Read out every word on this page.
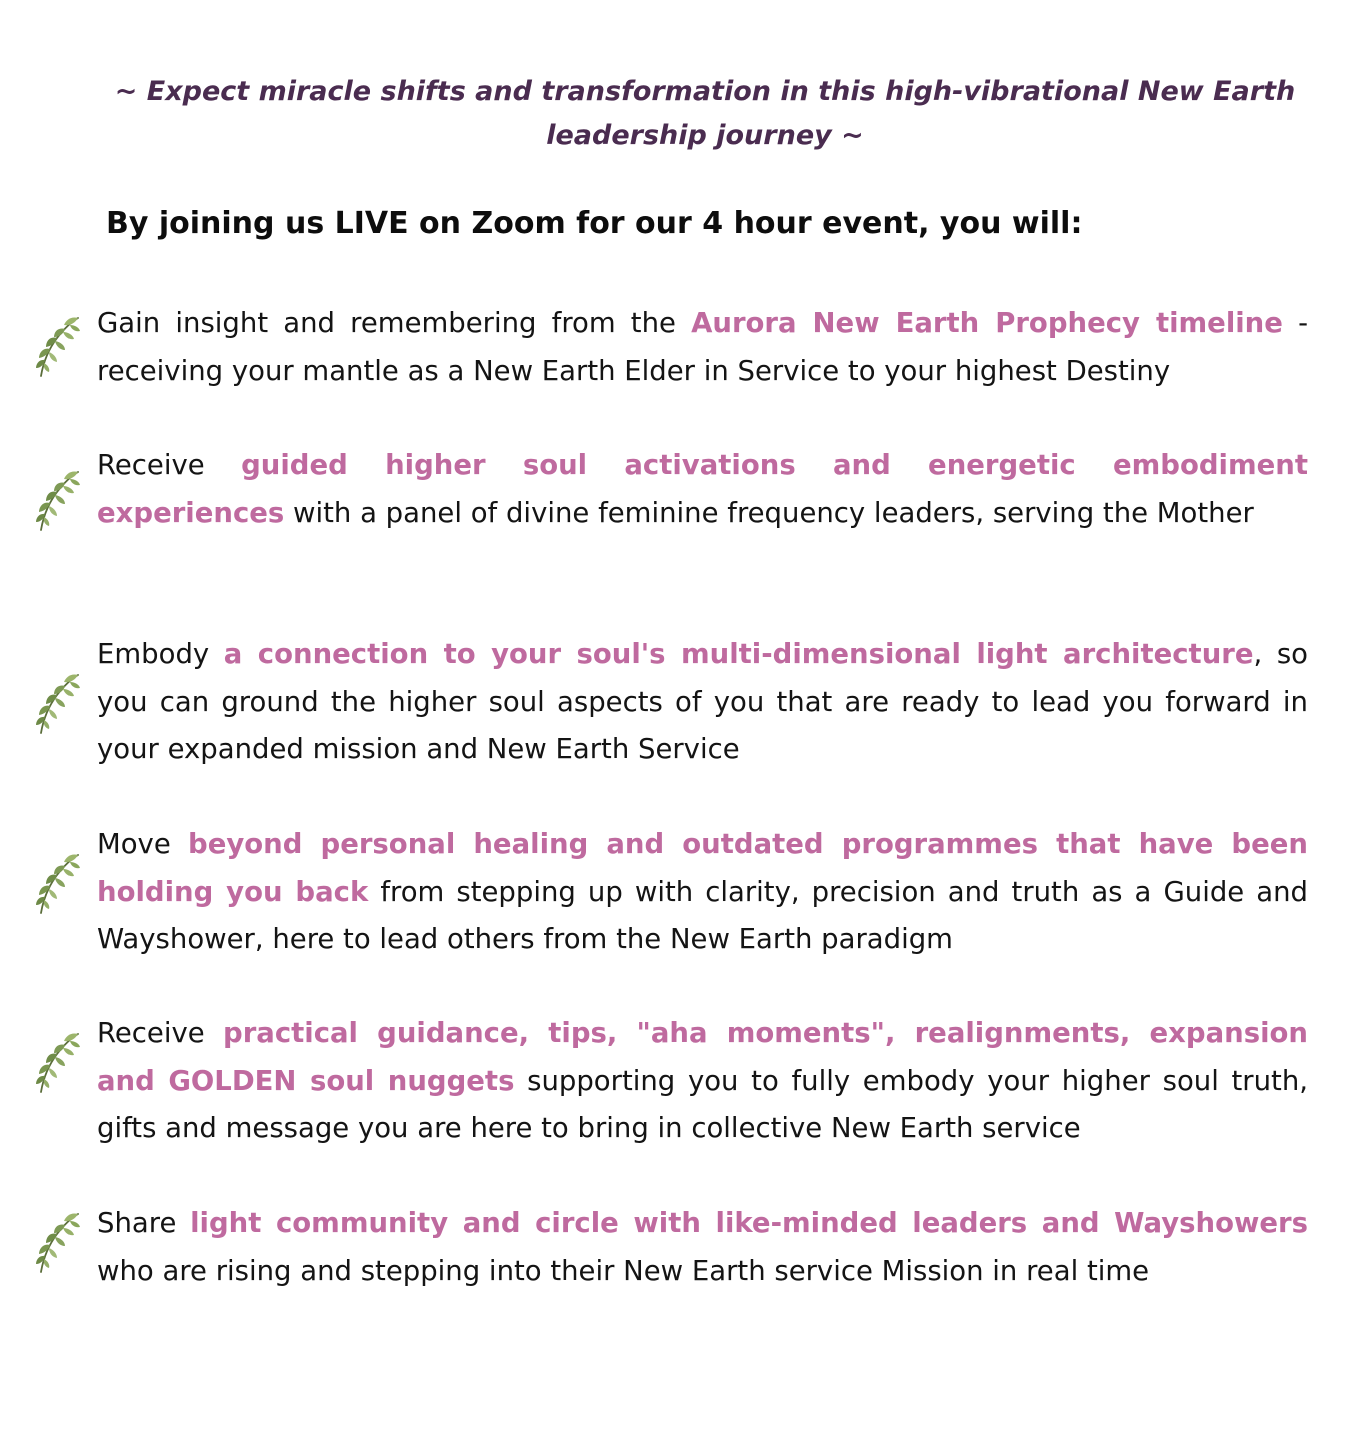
~ Expect miracle shifts and transformation in this high-vibrational New Earth leadership journey ~
By joining us LIVE on Zoom for our 4 hour event, you will:
Gain insight and remembering from the Aurora New Earth Prophecy timeline - receiving your mantle as a New Earth Elder in Service to your highest Destiny
Receive guided higher soul activations and energetic embodiment experiences with a panel of divine feminine frequency leaders, serving the Mother
Embody a connection to your soul's multi-dimensional light architecture, so you can ground the higher soul aspects of you that are ready to lead you forward in your expanded mission and New Earth Service
Move beyond personal healing and outdated programmes that have been holding you back from stepping up with clarity, precision and truth as a Guide and Wayshower, here to lead others from the New Earth paradigm
Receive practical guidance, tips, "aha moments", realignments, expansion and GOLDEN soul nuggets supporting you to fully embody your higher soul truth, gifts and message you are here to bring in collective New Earth service
Share light community and circle with like-minded leaders and Wayshowers who are rising and stepping into their New Earth service Mission in real time
